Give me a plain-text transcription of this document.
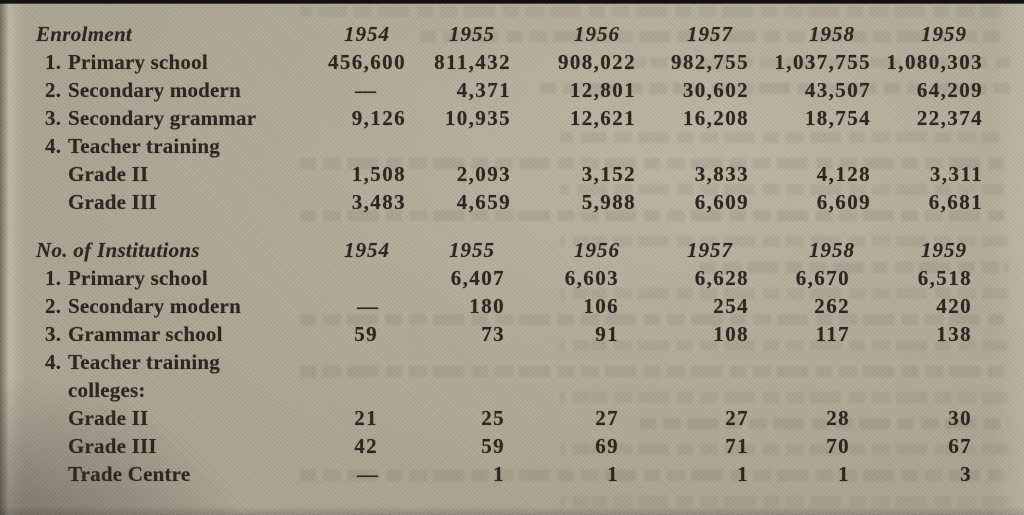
Enrolment	1954	1955	1956	1957	1958	1959
1. Primary school	456,600	811,432	908,022	982,755	1,037,755	1,080,303
2. Secondary modern	—	4,371	12,801	30,602	43,507	64,209
3. Secondary grammar	9,126	10,935	12,621	16,208	18,754	22,374
4. Teacher training						
Grade II	1,508	2,093	3,152	3,833	4,128	3,311
Grade III	3,483	4,659	5,988	6,609	6,609	6,681
No. of Institutions	1954	1955	1956	1957	1958	1959
1. Primary school		6,407	6,603	6,628	6,670	6,518
2. Secondary modern	—	180	106	254	262	420
3. Grammar school	59	73	91	108	117	138
4. Teacher training						
colleges:						
Grade II	21	25	27	27	28	30
Grade III	42	59	69	71	70	67
Trade Centre	—	1	1	1	1	3
